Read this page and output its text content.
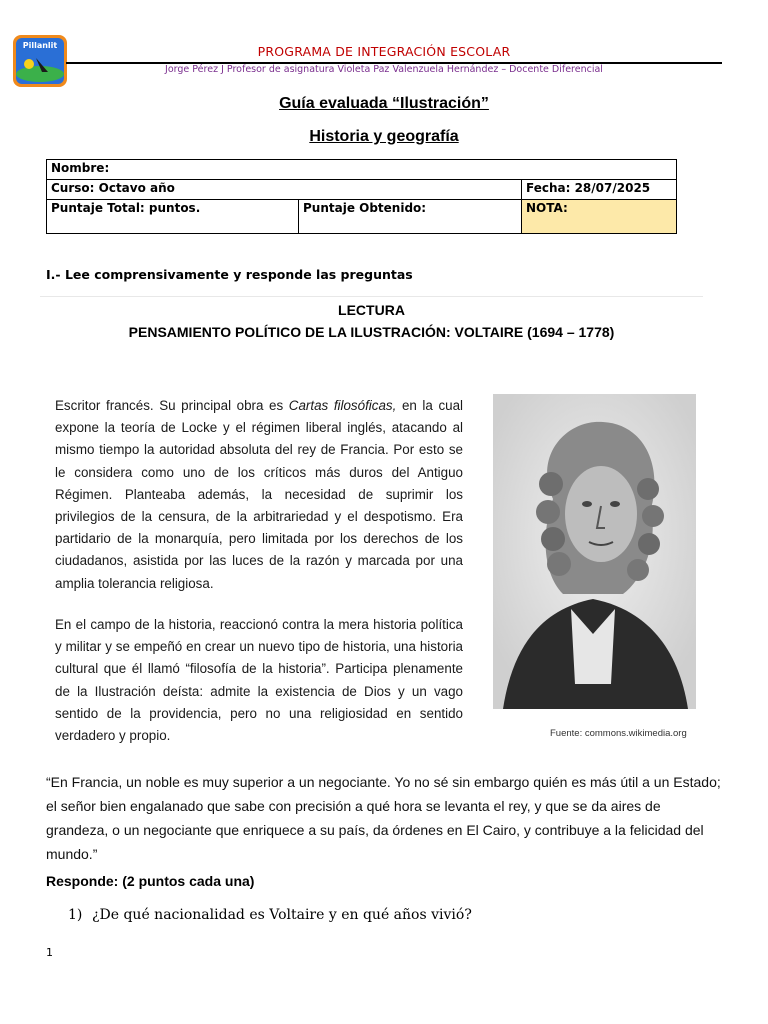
Pillanlit	PROGRAMA DE INTEGRACIÓN ESCOLAR
Jorge Pérez J Profesor de asignatura Violeta Paz Valenzuela Hernández – Docente Diferencial
Guía evaluada “Ilustración”
Historia y geografía
Nombre:		
Curso: Octavo año		Fecha: 28/07/2025
Puntaje Total: puntos.	Puntaje Obtenido:	NOTA:
I.- Lee comprensivamente y responde las preguntas
LECTURA
PENSAMIENTO POLÍTICO DE LA ILUSTRACIÓN: VOLTAIRE (1694 – 1778)
Escritor francés. Su principal obra es Cartas filosóficas, en la cual expone la teoría de Locke y el régimen liberal inglés, atacando al mismo tiempo la autoridad absoluta del rey de Francia. Por esto se le considera como uno de los críticos más duros del Antiguo Régimen. Planteaba además, la necesidad de suprimir los privilegios de la censura, de la arbitrariedad y el despotismo. Era partidario de la monarquía, pero limitada por los derechos de los ciudadanos, asistida por las luces de la razón y marcada por una amplia tolerancia religiosa.
En el campo de la historia, reaccionó contra la mera historia política y militar y se empeñó en crear un nuevo tipo de historia, una historia cultural que él llamó “filosofía de la historia”. Participa plenamente de la Ilustración deísta: admite la existencia de Dios y un vago sentido de la providencia, pero no una religiosidad en sentido verdadero y propio.	Fuente: commons.wikimedia.org
“En Francia, un noble es muy superior a un negociante. Yo no sé sin embargo quién es más útil a un Estado; el señor bien engalanado que sabe con precisión a qué hora se levanta el rey, y que se da aires de grandeza, o un negociante que enriquece a su país, da órdenes en El Cairo, y contribuye a la felicidad del mundo.”
Responde: (2 puntos cada una)
1) ¿De qué nacionalidad es Voltaire y en qué años vivió?
1
